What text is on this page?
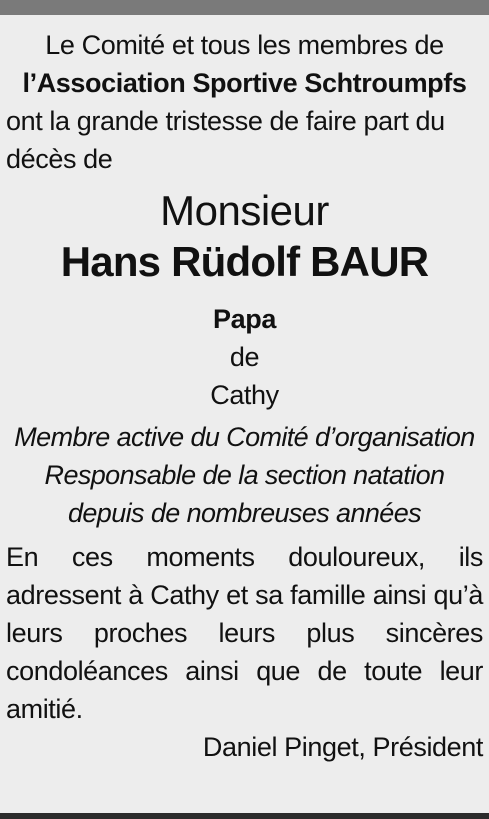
Le Comité et tous les membres de
l’Association Sportive Schtroumpfs
ont la grande tristesse de faire part du décès de
Monsieur
Hans Rüdolf BAUR
Papa
de
Cathy
Membre active du Comité d’organisation
Responsable de la section natation
depuis de nombreuses années
En ces moments douloureux, ils adressent à Cathy et sa famille ainsi qu’à leurs proches leurs plus sincères condoléances ainsi que de toute leur amitié.
Daniel Pinget, Président
